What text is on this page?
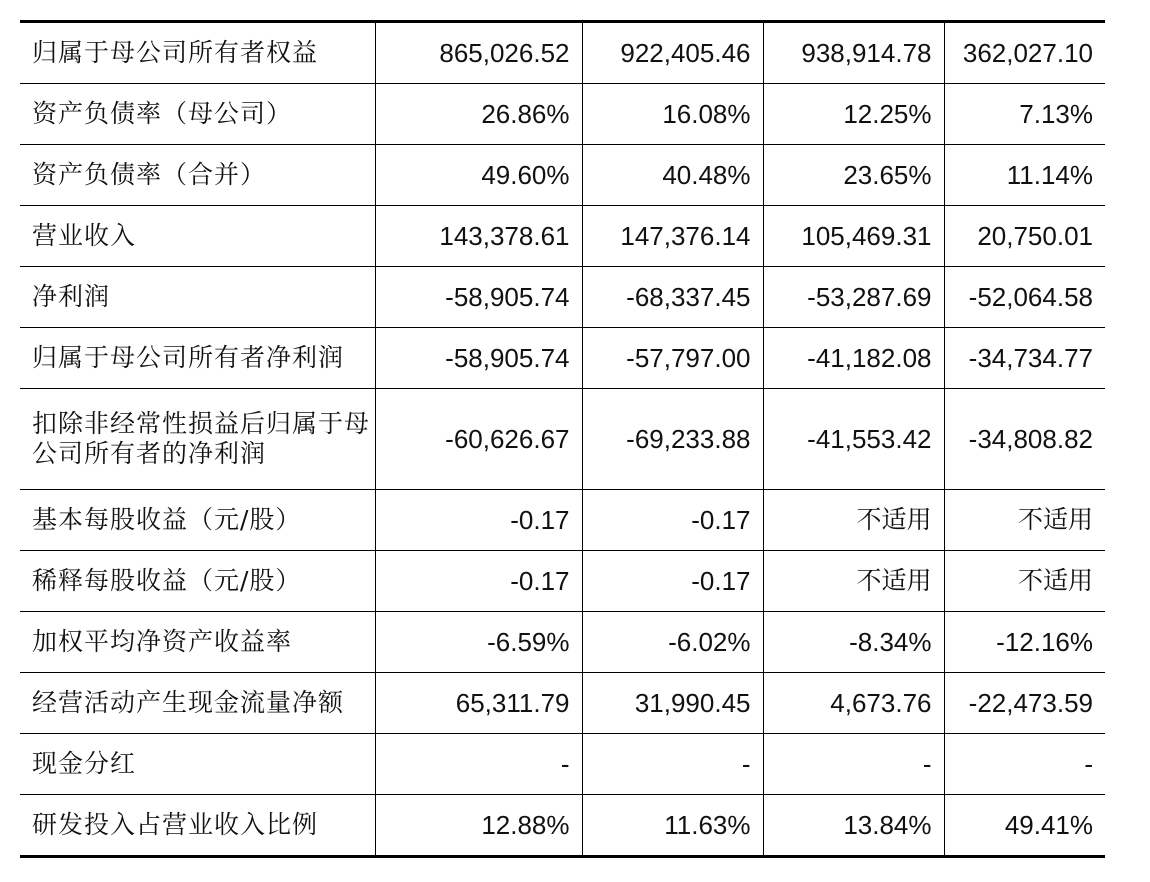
归属于母公司所有者权益	865,026.52	922,405.46	938,914.78	362,027.10
资产负债率（母公司）	26.86%	16.08%	12.25%	7.13%
资产负债率（合并）	49.60%	40.48%	23.65%	11.14%
营业收入	143,378.61	147,376.14	105,469.31	20,750.01
净利润	-58,905.74	-68,337.45	-53,287.69	-52,064.58
归属于母公司所有者净利润	-58,905.74	-57,797.00	-41,182.08	-34,734.77
扣除非经常性损益后归属于母公司所有者的净利润	-60,626.67	-69,233.88	-41,553.42	-34,808.82
基本每股收益（元/股）	-0.17	-0.17	不适用	不适用
稀释每股收益（元/股）	-0.17	-0.17	不适用	不适用
加权平均净资产收益率	-6.59%	-6.02%	-8.34%	-12.16%
经营活动产生现金流量净额	65,311.79	31,990.45	4,673.76	-22,473.59
现金分红	-	-	-	-
研发投入占营业收入比例	12.88%	11.63%	13.84%	49.41%
